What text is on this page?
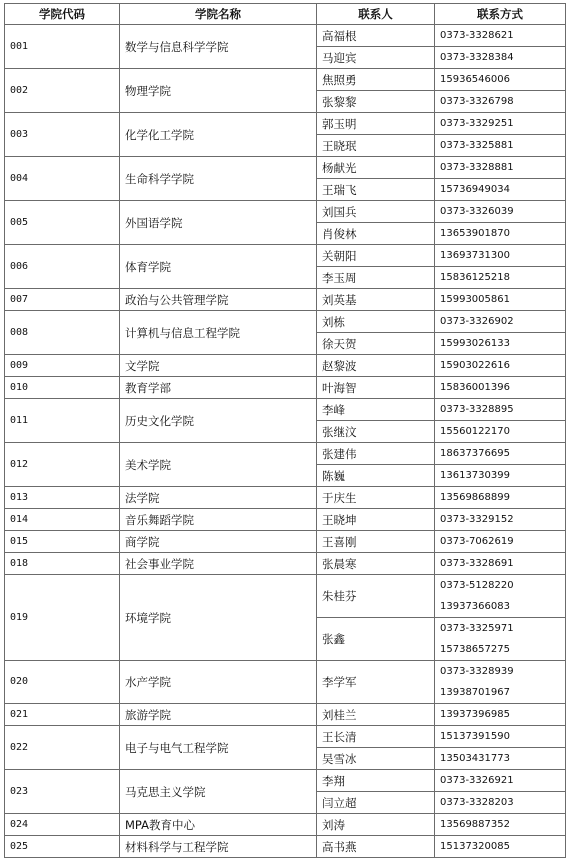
学院代码	学院名称	联系人	联系方式
001	数学与信息科学学院	高福根	0373-3328621

		马迎宾	0373-3328384

002	物理学院	焦照勇	15936546006

		张黎黎	0373-3326798

003	化学化工学院	郭玉明	0373-3329251

		王晓珉	0373-3325881

004	生命科学学院	杨献光	0373-3328881

		王瑞飞	15736949034

005	外国语学院	刘国兵	0373-3326039

		肖俊林	13653901870

006	体育学院	关朝阳	13693731300

		李玉周	15836125218

007	政治与公共管理学院	刘英基	15993005861

008	计算机与信息工程学院	刘栋	0373-3326902

		徐天贺	15993026133

009	文学院	赵黎波	15903022616

010	教育学部	叶海智	15836001396

011	历史文化学院	李峰	0373-3328895

		张继汶	15560122170

012	美术学院	张建伟	18637376695

		陈巍	13613730399

013	法学院	于庆生	13569868899

014	音乐舞蹈学院	王晓坤	0373-3329152

015	商学院	王喜刚	0373-7062619

018	社会事业学院	张晨寒	0373-3328691

019	环境学院	朱桂芬	0373-5128220
13937366083

		张鑫	0373-3325971
15738657275

020	水产学院	李学军	0373-3328939
13938701967

021	旅游学院	刘桂兰	13937396985

022	电子与电气工程学院	王长清	15137391590

		吴雪冰	13503431773

023	马克思主义学院	李翔	0373-3326921

		闫立超	0373-3328203

024	MPA教育中心	刘涛	13569887352

025	材料科学与工程学院	高书燕	15137320085
